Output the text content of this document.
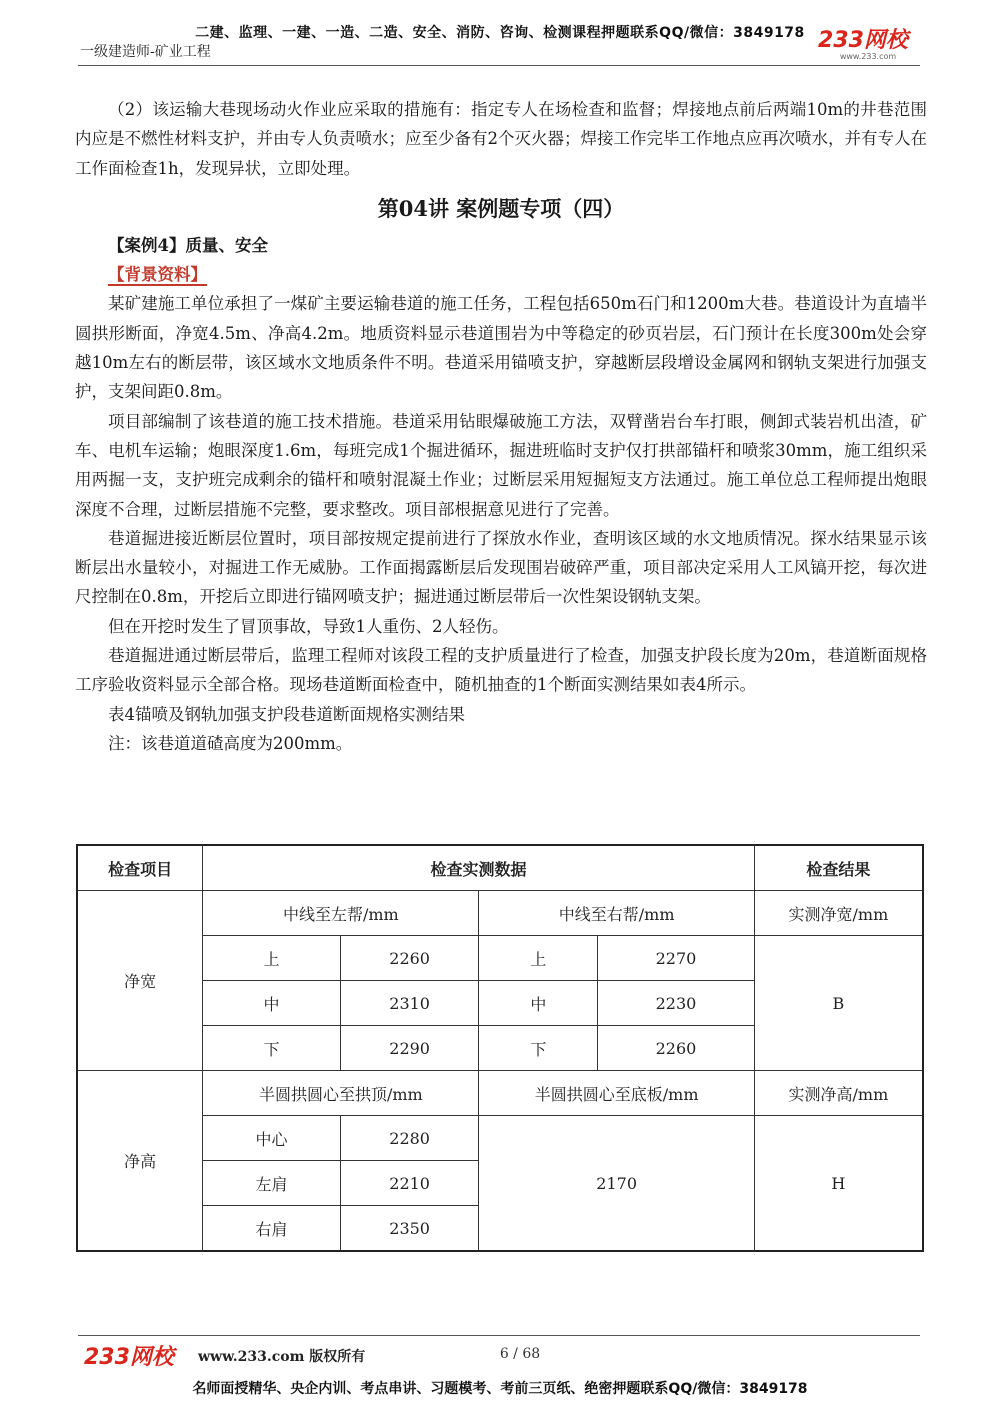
二建、监理、一建、一造、二造、安全、消防、咨询、检测课程押题联系QQ/微信：3849178
一级建造师-矿业工程	233网校
www.233.com

（2）该运输大巷现场动火作业应采取的措施有：指定专人在场检查和监督；焊接地点前后两端10m的井巷范围内应是不燃性材料支护，并由专人负责喷水；应至少备有2个灭火器；焊接工作完毕工作地点应再次喷水，并有专人在工作面检查1h，发现异状，立即处理。

第04讲 案例题专项（四）

【案例4】质量、安全

【背景资料】

某矿建施工单位承担了一煤矿主要运输巷道的施工任务，工程包括650m石门和1200m大巷。巷道设计为直墙半圆拱形断面，净宽4.5m、净高4.2m。地质资料显示巷道围岩为中等稳定的砂页岩层，石门预计在长度300m处会穿越10m左右的断层带，该区域水文地质条件不明。巷道采用锚喷支护，穿越断层段增设金属网和钢轨支架进行加强支护，支架间距0.8m。

项目部编制了该巷道的施工技术措施。巷道采用钻眼爆破施工方法，双臂凿岩台车打眼，侧卸式装岩机出渣，矿车、电机车运输；炮眼深度1.6m，每班完成1个掘进循环，掘进班临时支护仅打拱部锚杆和喷浆30mm，施工组织采用两掘一支，支护班完成剩余的锚杆和喷射混凝土作业；过断层采用短掘短支方法通过。施工单位总工程师提出炮眼深度不合理，过断层措施不完整，要求整改。项目部根据意见进行了完善。

巷道掘进接近断层位置时，项目部按规定提前进行了探放水作业，查明该区域的水文地质情况。探水结果显示该断层出水量较小，对掘进工作无威胁。工作面揭露断层后发现围岩破碎严重，项目部决定采用人工风镐开挖，每次进尺控制在0.8m，开挖后立即进行锚网喷支护；掘进通过断层带后一次性架设钢轨支架。

但在开挖时发生了冒顶事故，导致1人重伤、2人轻伤。

巷道掘进通过断层带后，监理工程师对该段工程的支护质量进行了检查，加强支护段长度为20m，巷道断面规格工序验收资料显示全部合格。现场巷道断面检查中，随机抽查的1个断面实测结果如表4所示。

表4锚喷及钢轨加强支护段巷道断面规格实测结果

注：该巷道道碴高度为200mm。

检查项目	检查实测数据				检查结果
净宽	中线至左帮/mm		中线至右帮/mm		实测净宽/mm
	上	2260	上	2270	B
	中	2310	中	2230	
	下	2290	下	2260	
净高	半圆拱圆心至拱顶/mm		半圆拱圆心至底板/mm		实测净高/mm
	中心	2280	2170		H
	左肩	2210			
	右肩	2350			
233网校 www.233.com 版权所有	6 / 68
名师面授精华、央企内训、考点串讲、习题模考、考前三页纸、绝密押题联系QQ/微信：3849178
